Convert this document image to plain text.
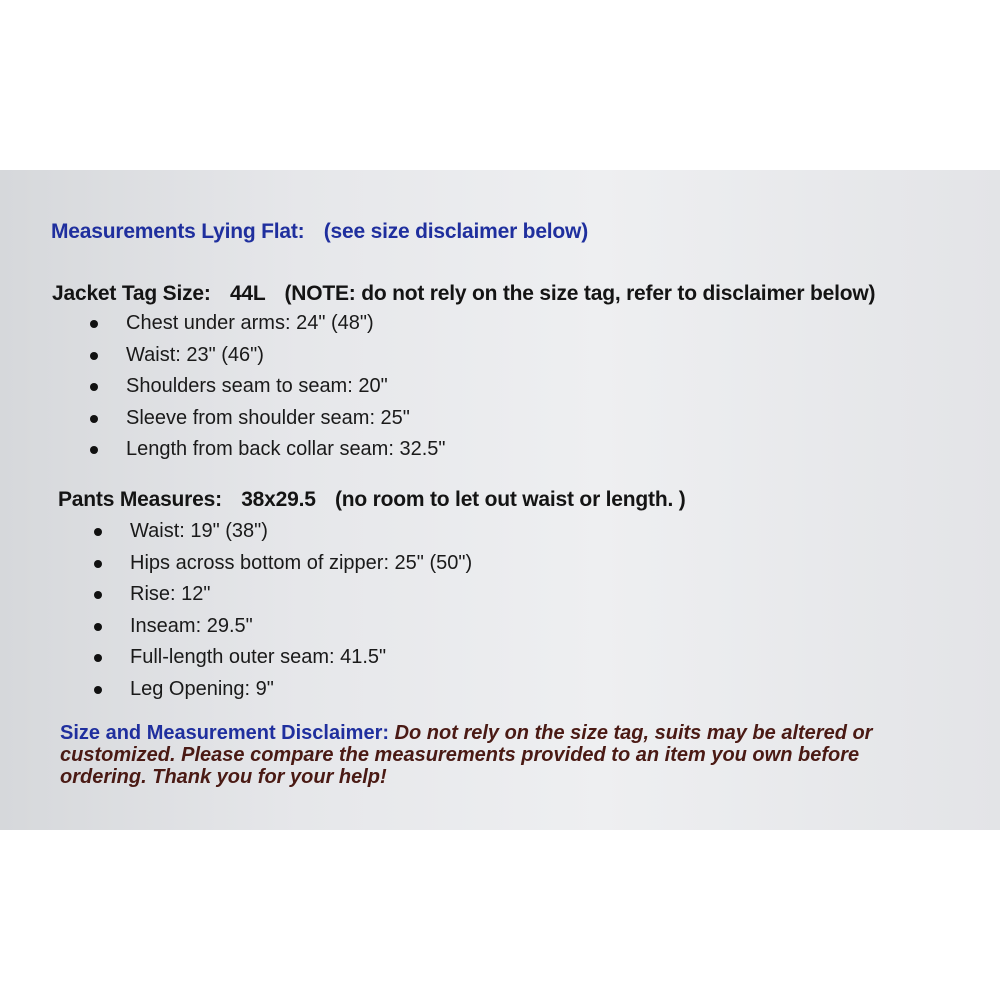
Measurements Lying Flat: (see size disclaimer below)
Jacket Tag Size: 44L (NOTE: do not rely on the size tag, refer to disclaimer below)
Chest under arms: 24" (48")
Waist: 23" (46")
Shoulders seam to seam: 20"
Sleeve from shoulder seam: 25"
Length from back collar seam: 32.5"
Pants Measures: 38x29.5 (no room to let out waist or length. )
Waist: 19" (38")
Hips across bottom of zipper: 25" (50")
Rise: 12"
Inseam: 29.5"
Full-length outer seam: 41.5"
Leg Opening: 9"
Size and Measurement Disclaimer: Do not rely on the size tag, suits may be altered or customized. Please compare the measurements provided to an item you own before ordering. Thank you for your help!
